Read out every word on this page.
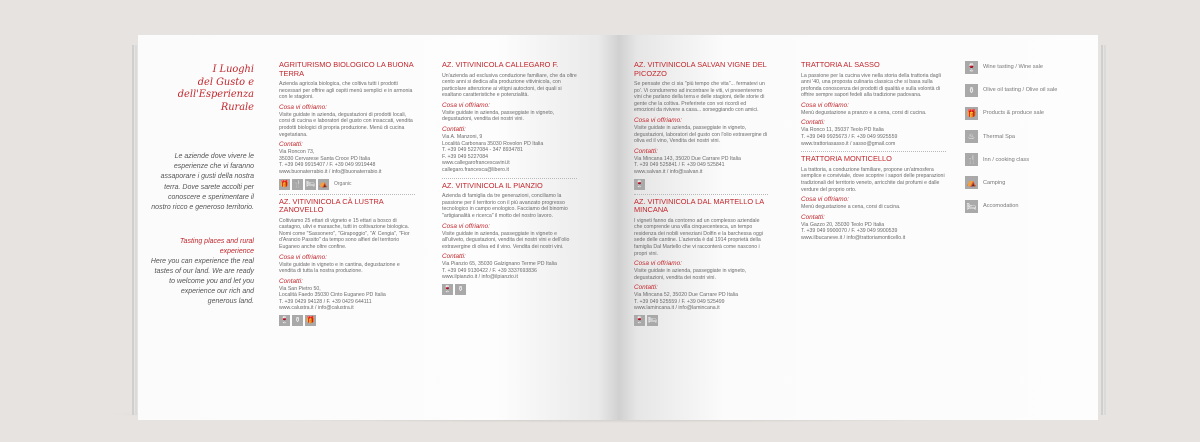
I Luoghi
del Gusto e
dell'Esperienza
Rurale
Le aziende dove vivere le esperienze che vi faranno assaporare i gusti della nostra terra. Dove sarete accolti per conoscere e sperimentare il nostro ricco e generoso territorio.
Tasting places and rural experience
Here you can experience the real tastes of our land. We are ready to welcome you and let you experience our rich and generous land.
AGRITURISMO BIOLOGICO LA BUONA TERRA

Azienda agricola biologica, che coltiva tutti i prodotti necessari per offrire agli ospiti menù semplici e in armonia con le stagioni.

Cosa vi offriamo:

Visite guidate in azienda, degustazioni di prodotti locali, corsi di cucina e laboratori del gusto con insaccati, vendita prodotti biologici di propria produzione. Menù di cucina vegetariana.

Contatti:
Via Roncon 73,
35030 Cervarese Santa Croce PD Italia
T. +39 049 9915407 / F. +39 049 9919448
www.buonaterrabio.it / info@buonaterrabio.it
🎁 🍴 🛏 ⛺ Organic
AZ. VITIVINICOLA CÀ LUSTRA ZANOVELLO

Coltiviamo 25 ettari di vigneto e 15 ettari a bosco di castagno, ulivi e marasche, tutti in coltivazione biologica. Nomi come "Sassonero", "Girapoggio", "A' Cengia", "Fior d'Arancio Passito" da tempo sono alfieri del territorio Euganeo anche oltre confine.

Cosa vi offriamo:

Visite guidate in vigneto e in cantina, degustazione e vendita di tutta la nostra produzione.

Contatti:
Via San Pietro 50,
Località Faedo 35030 Cinto Euganeo PD Italia
T. +39 0429 94128 / F. +39 0429 644111
www.calustra.it / info@calustra.it
🍷 ⚱ 🎁
AZ. VITIVINICOLA CALLEGARO F.

Un'azienda ad esclusiva conduzione familiare, che da oltre cento anni si dedica alla produzione vitivinicola, con particolare attenzione ai vitigni autoctoni, dei quali si esaltano caratteristiche e potenzialità.

Cosa vi offriamo:

Visite guidate in azienda, passeggiate in vigneto, degustazioni, vendita dei nostri vini.

Contatti:
Via A. Manzoni, 9
Località Carbonara 35030 Rovolon PD Italia
T. +39 049 5227084 - 347 8934781
F. +39 049 5227084
www.callegarofrancescavini.it
callegaro.francesca@libero.it
AZ. VITIVINICOLA IL PIANZIO

Azienda di famiglia da tre generazioni, conciliamo la passione per il territorio con il più avanzato progresso tecnologico in campo enologico. Facciamo del binomio "artigianalità e ricerca" il motto del nostro lavoro.

Cosa vi offriamo:

Visite guidate in azienda, passeggiate in vigneto e all'uliveto, degustazioni, vendita dei nostri vini e dell'olio extravergine di oliva ed il vino. Vendita dei nostri vini.

Contatti:
Via Pianzio 65, 35030 Galzignano Terme PD Italia
T. +39 049 9130422 / F. +39 3337693836
www.ilpianzio.it / info@ilpianzio.it
🍷 ⚱
AZ. VITIVINICOLA SALVAN VIGNE DEL PICOZZO

Se pensate che ci sia "più tempo che vita"... fermatevi un po'. Vi condurremo ad incontrare le viti, vi presenteremo vini che parlano della terra e delle stagioni, delle storie di gente che la coltiva. Preferirete con voi ricordi ed emozioni da rivivere a casa... sorseggiando con amici.

Cosa vi offriamo:

Visite guidate in azienda, passeggiate in vigneto, degustazioni, laboratori del gusto con l'olio extravergine di oliva ed il vino, Vendita dei nostri vini.

Contatti:
Via Mincana 143, 35020 Due Carrare PD Italia
T. +39 049 525841 / F. +39 049 525841
www.salvan.it / info@salvan.it
🍷
AZ. VITIVINICOLA DAL MARTELLO LA MINCANA

I vigneti fanno da contorno ad un complesso aziendale che comprende una villa cinquecentesca, un tempo residenza dei nobili veneziani Dolfin e la barchessa oggi sede delle cantine. L'azienda è dal 1914 proprietà della famiglia Dal Martello che vi racconterà come nascono i propri vini.

Cosa vi offriamo:

Visite guidate in azienda, passeggiate in vigneto, degustazioni, vendita dei nostri vini.

Contatti:
Via Mincana 52, 35020 Due Carrare PD Italia
T. +39 049 525559 / F. +39 049 525499
www.lamincana.it / info@lamincana.it
🍷 🛏
TRATTORIA AL SASSO

La passione per la cucina vive nella storia della trattoria dagli anni '40, una proposta culinaria classica che si basa sulla profonda conoscenza dei prodotti di qualità e sulla volontà di offrire sempre sapori fedeli alla tradizione padovana.

Cosa vi offriamo:

Menù degustazione a pranzo e a cena, corsi di cucina.

Contatti:
Via Ronco 11, 35037 Teolo PD Italia
T. +39 049 9925673 / F. +39 049 9925559
www.trattoriasasso.it / sasso@gmail.com
TRATTORIA MONTICELLO

La trattoria, a conduzione familiare, propone un'atmosfera semplice e conviviale, dove scoprire i sapori delle preparazioni tradizionali del territorio veneto, arricchite dai profumi e dalle verdure del proprio orto.

Cosa vi offriamo:

Menù degustazione a cena, corsi di cucina.

Contatti:
Via Gazzo 20, 35030 Teolo PD Italia
T. +39 049 9900070 / F. +39 049 9900539
www.ilbucaneve.it / info@trattoriamonticello.it
🍷 Wine tasting / Wine sale
⚱	Olive oil tasting / Olive oil sale
🎁 Products & produce sale
♨	Thermal Spa
🍴 Inn / cooking class
⛺ Camping
🛏 Accomodation
